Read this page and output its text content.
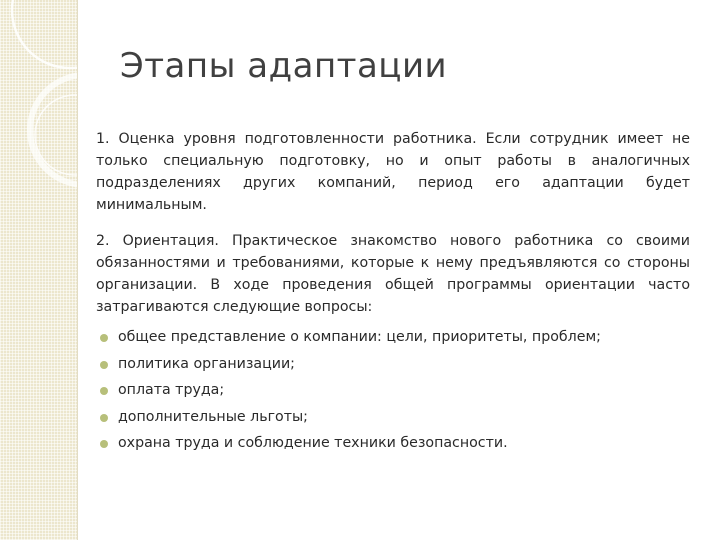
Этапы адаптации

1. Оценка уровня подготовленности работника. Если сотрудник имеет не только специальную подготовку, но и опыт работы в аналогичных подразделениях других компаний, период его адаптации будет минимальным.

2. Ориентация. Практическое знакомство нового работника со своими обязанностями и требованиями, которые к нему предъявляются со стороны организации. В ходе проведения общей программы ориентации часто затрагиваются следующие вопросы:

общее представление о компании: цели, приоритеты, проблем;
политика организации;
оплата труда;
дополнительные льготы;
охрана труда и соблюдение техники безопасности.
